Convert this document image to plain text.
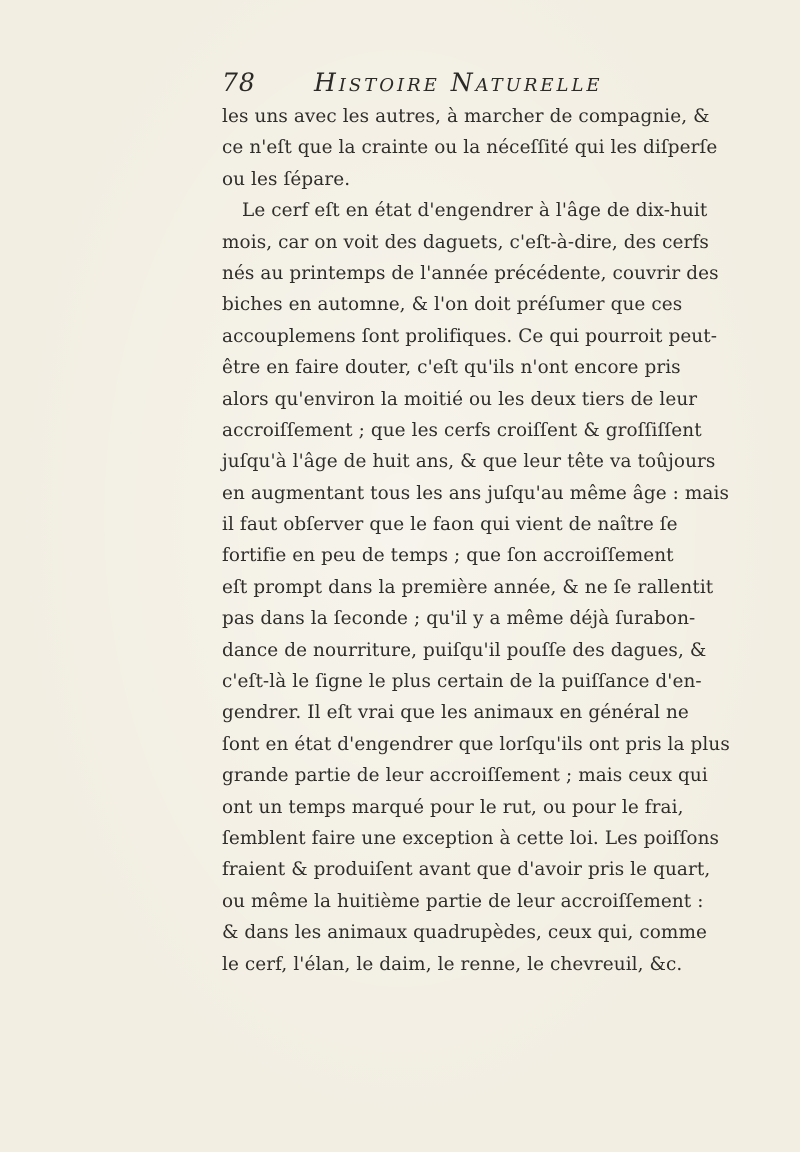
78 Histoire Naturelle
les uns avec les autres, à marcher de compagnie, &
ce n'eſt que la crainte ou la néceſſité qui les diſperſe
ou les ſépare.
Le cerf eſt en état d'engendrer à l'âge de dix-huit
mois, car on voit des daguets, c'eſt-à-dire, des cerfs
nés au printemps de l'année précédente, couvrir des
biches en automne, & l'on doit préſumer que ces
accouplemens ſont prolifiques. Ce qui pourroit peut-
être en faire douter, c'eſt qu'ils n'ont encore pris
alors qu'environ la moitié ou les deux tiers de leur
accroiſſement ; que les cerfs croiſſent & groſſiſſent
juſqu'à l'âge de huit ans, & que leur tête va toûjours
en augmentant tous les ans juſqu'au même âge : mais
il faut obſerver que le faon qui vient de naître ſe
fortifie en peu de temps ; que ſon accroiſſement
eſt prompt dans la première année, & ne ſe rallentit
pas dans la ſeconde ; qu'il y a même déjà ſurabon-
dance de nourriture, puiſqu'il pouſſe des dagues, &
c'eſt-là le ſigne le plus certain de la puiſſance d'en-
gendrer. Il eſt vrai que les animaux en général ne
ſont en état d'engendrer que lorſqu'ils ont pris la plus
grande partie de leur accroiſſement ; mais ceux qui
ont un temps marqué pour le rut, ou pour le frai,
ſemblent faire une exception à cette loi. Les poiſſons
fraient & produiſent avant que d'avoir pris le quart,
ou même la huitième partie de leur accroiſſement :
& dans les animaux quadrupèdes, ceux qui, comme
le cerf, l'élan, le daim, le renne, le chevreuil, &c.
